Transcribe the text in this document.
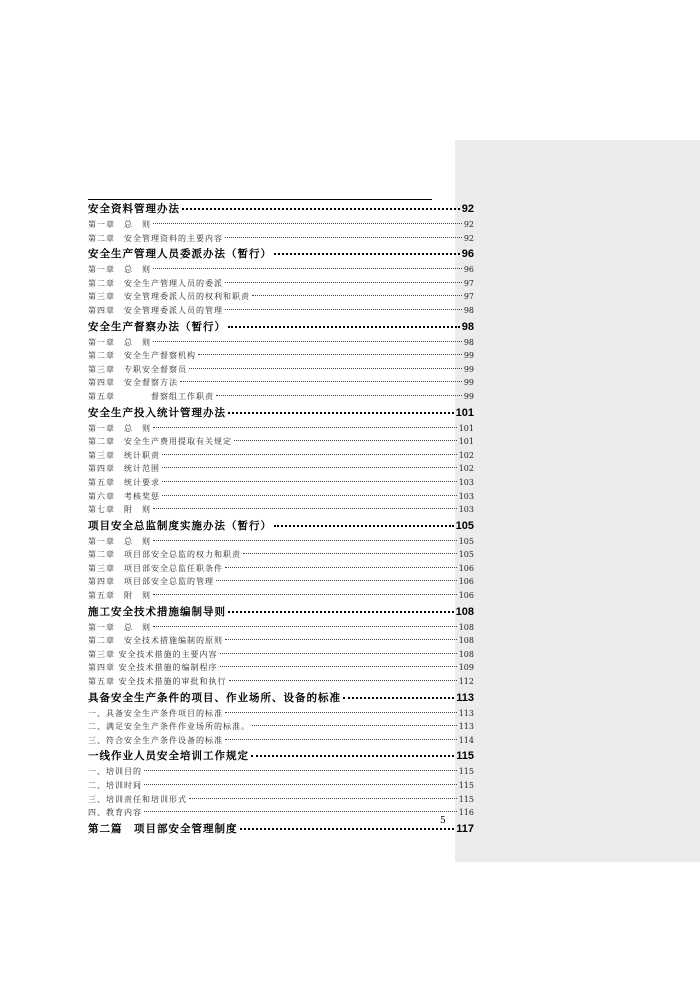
安全资料管理办法	92
第一章　总　则	92
第二章　安全管理资料的主要内容	92
安全生产管理人员委派办法（暂行）	96
第一章　总　则	96
第二章　安全生产管理人员的委派	97
第三章　安全管理委派人员的权利和职责	97
第四章　安全管理委派人员的管理	98
安全生产督察办法（暂行）	98
第一章　总　则	98
第二章　安全生产督察机构	99
第三章　专职安全督察员	99
第四章　安全督察方法	99
第五章　　　　督察组工作职责	99
安全生产投入统计管理办法	101
第一章　总　则	101
第二章　安全生产费用提取有关规定	101
第三章　统计职责	102
第四章　统计范围	102
第五章　统计要求	103
第六章　考核奖惩	103
第七章　附　则	103
项目安全总监制度实施办法（暂行）	105
第一章　总　则	105
第二章　项目部安全总监的权力和职责	105
第三章　项目部安全总监任职条件	106
第四章　项目部安全总监的管理	106
第五章　附　则	106
施工安全技术措施编制导则	108
第一章　总　则	108
第二章　安全技术措施编制的原则	108
第三章 安全技术措施的主要内容	108
第四章 安全技术措施的编制程序	109
第五章 安全技术措施的审批和执行	112
具备安全生产条件的项目、作业场所、设备的标准	113
一、具备安全生产条件项目的标准	113
二、满足安全生产条件作业场所的标准。	113
三、符合安全生产条件设备的标准	114
一线作业人员安全培训工作规定	115
一、培训目的	115
二、培训时间	115
三、培训责任和培训形式	115
四、教育内容	116
第二篇　项目部安全管理制度	117
5
